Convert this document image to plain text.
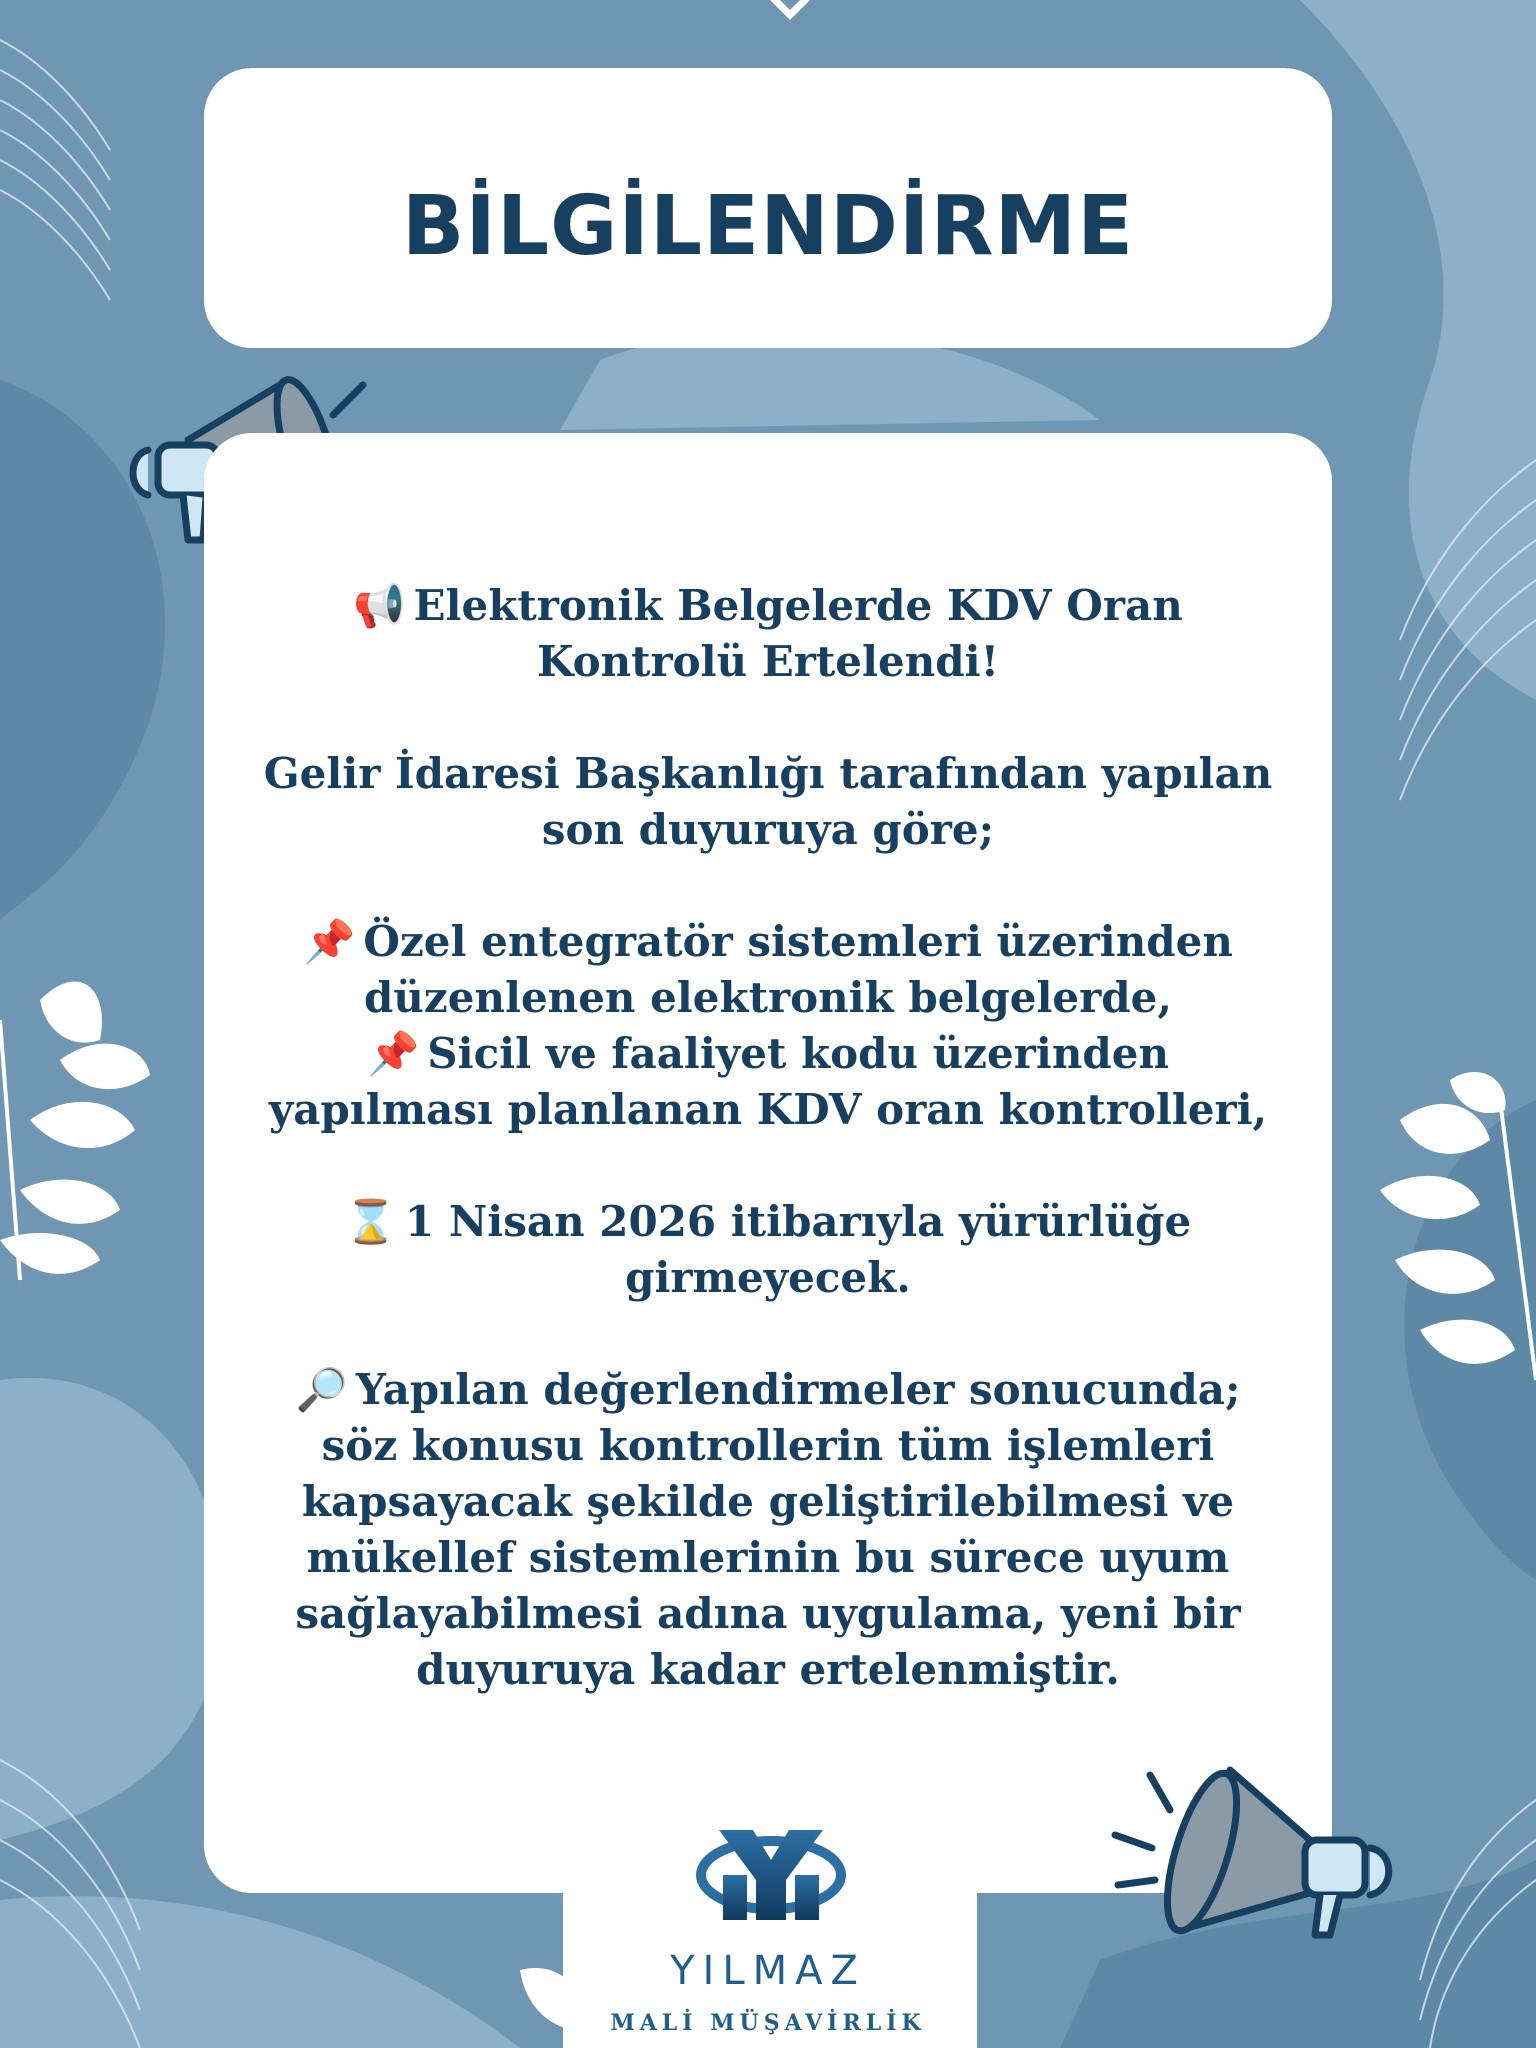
BİLGİLENDİRME

📢 Elektronik Belgelerde KDV Oran

Kontrolü Ertelendi!

Gelir İdaresi Başkanlığı tarafından yapılan

son duyuruya göre;

📌 Özel entegratör sistemleri üzerinden

düzenlenen elektronik belgelerde,

📌 Sicil ve faaliyet kodu üzerinden

yapılması planlanan KDV oran kontrolleri,

⌛ 1 Nisan 2026 itibarıyla yürürlüğe

girmeyecek.

🔎 Yapılan değerlendirmeler sonucunda;

söz konusu kontrollerin tüm işlemleri

kapsayacak şekilde geliştirilebilmesi ve

mükellef sistemlerinin bu sürece uyum

sağlayabilmesi adına uygulama, yeni bir

duyuruya kadar ertelenmiştir.

YILMAZ
MALİ MÜŞAVİRLİK
